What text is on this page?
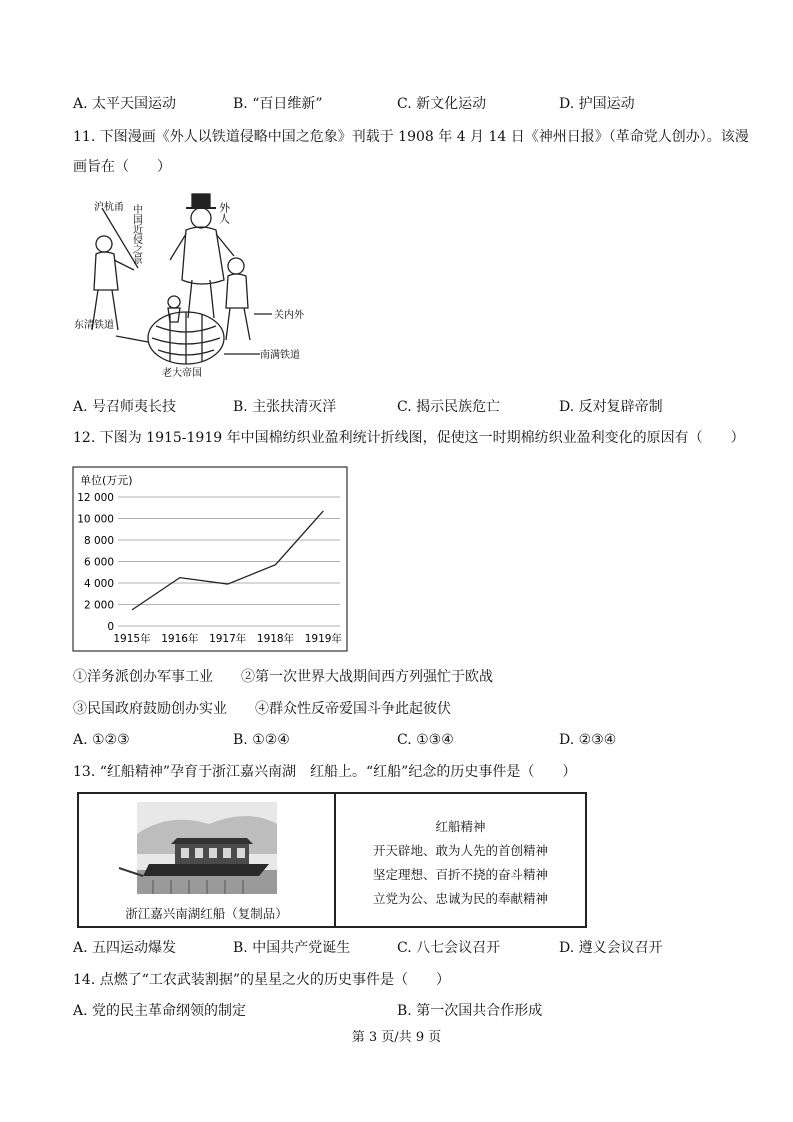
A. 太平天国运动	B. “百日维新”	C. 新文化运动	D. 护国运动
11. 下图漫画《外人以铁道侵略中国之危象》刊载于 1908 年 4 月 14 日《神州日报》（革命党人创办）。该漫
画旨在（　　）
沪杭甬 中国近侵之景	外人
东清铁道
关内外
南满铁道
老大帝国
A. 号召师夷长技	B. 主张扶清灭洋	C. 揭示民族危亡	D. 反对复辟帝制
12. 下图为 1915-1919 年中国棉纺织业盈利统计折线图，促使这一时期棉纺织业盈利变化的原因有（　　）
单位(万元)
12 000
10 000
8 000
6 000
4 000
2 000
0
1915年 1916年 1917年 1918年 1919年
①洋务派创办军事工业　　②第一次世界大战期间西方列强忙于欧战
③民国政府鼓励创办实业　　④群众性反帝爱国斗争此起彼伏
A. ①②③	B. ①②④	C. ①③④	D. ②③④
13. “红船精神”孕育于浙江嘉兴南湖　红船上。“红船”纪念的历史事件是（　　）
浙江嘉兴南湖红船（复制品）
红船精神
开天辟地、敢为人先的首创精神
坚定理想、百折不挠的奋斗精神
立党为公、忠诚为民的奉献精神
A. 五四运动爆发	B. 中国共产党诞生	C. 八七会议召开	D. 遵义会议召开
14. 点燃了“工农武装割据”的星星之火的历史事件是（　　）
A. 党的民主革命纲领的制定	B. 第一次国共合作形成
第 3 页/共 9 页
